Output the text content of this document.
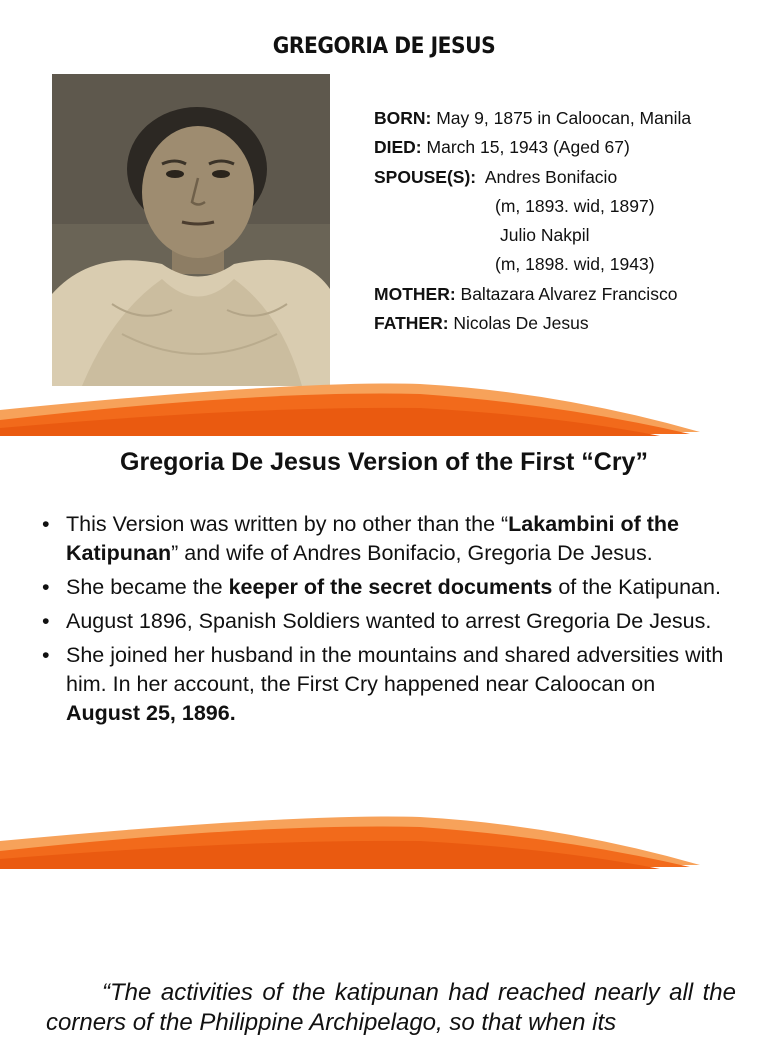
GREGORIA DE JESUS
BORN: May 9, 1875 in Caloocan, Manila
DIED: March 15, 1943 (Aged 67)
SPOUSE(S): Andres Bonifacio
(m, 1893. wid, 1897)
Julio Nakpil
(m, 1898. wid, 1943)
MOTHER: Baltazara Alvarez Francisco
FATHER: Nicolas De Jesus
Gregoria De Jesus Version of the First “Cry”
• This Version was written by no other than the “Lakambini of the Katipunan” and wife of Andres Bonifacio, Gregoria De Jesus.
• She became the keeper of the secret documents of the Katipunan.
• August 1896, Spanish Soldiers wanted to arrest Gregoria De Jesus.
• She joined her husband in the mountains and shared adversities with him. In her account, the First Cry happened near Caloocan on August 25, 1896.
“The activities of the katipunan had reached nearly all the corners of the Philippine Archipelago, so that when its
